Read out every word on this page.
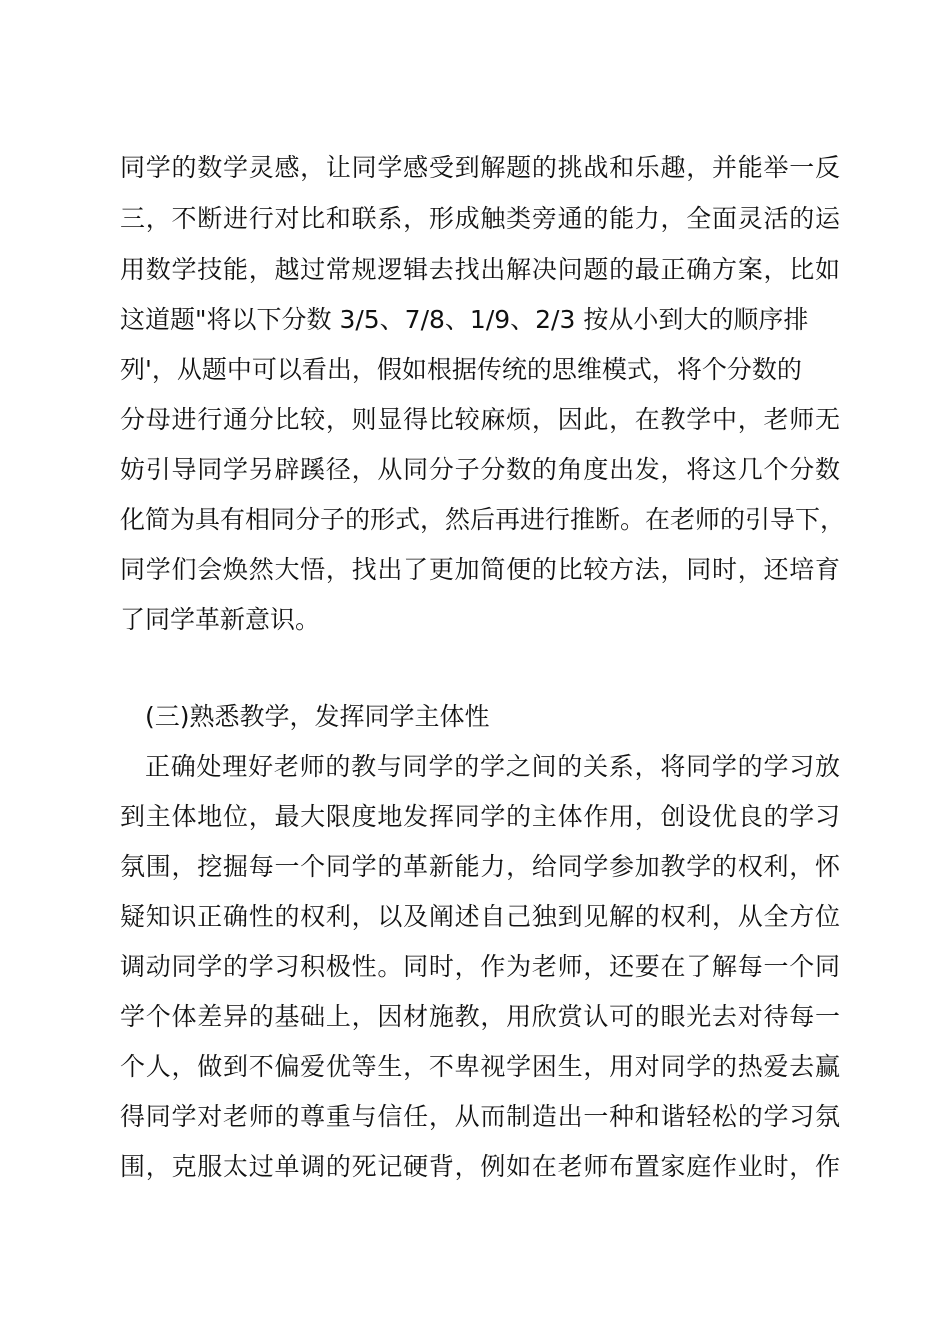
同学的数学灵感，让同学感受到解题的挑战和乐趣，并能举一反
三，不断进行对比和联系，形成触类旁通的能力，全面灵活的运
用数学技能，越过常规逻辑去找出解决问题的最正确方案，比如
这道题"将以下分数 3/5、7/8、1/9、2/3 按从小到大的顺序排
列'，从题中可以看出，假如根据传统的思维模式，将个分数的
分母进行通分比较，则显得比较麻烦，因此，在教学中，老师无
妨引导同学另辟蹊径，从同分子分数的角度出发，将这几个分数
化简为具有相同分子的形式，然后再进行推断。在老师的引导下，
同学们会焕然大悟，找出了更加简便的比较方法，同时，还培育
了同学革新意识。
(三)熟悉教学，发挥同学主体性
正确处理好老师的教与同学的学之间的关系，将同学的学习放
到主体地位，最大限度地发挥同学的主体作用，创设优良的学习
氛围，挖掘每一个同学的革新能力，给同学参加教学的权利，怀
疑知识正确性的权利，以及阐述自己独到见解的权利，从全方位
调动同学的学习积极性。同时，作为老师，还要在了解每一个同
学个体差异的基础上，因材施教，用欣赏认可的眼光去对待每一
个人，做到不偏爱优等生，不卑视学困生，用对同学的热爱去赢
得同学对老师的尊重与信任，从而制造出一种和谐轻松的学习氛
围，克服太过单调的死记硬背，例如在老师布置家庭作业时，作
